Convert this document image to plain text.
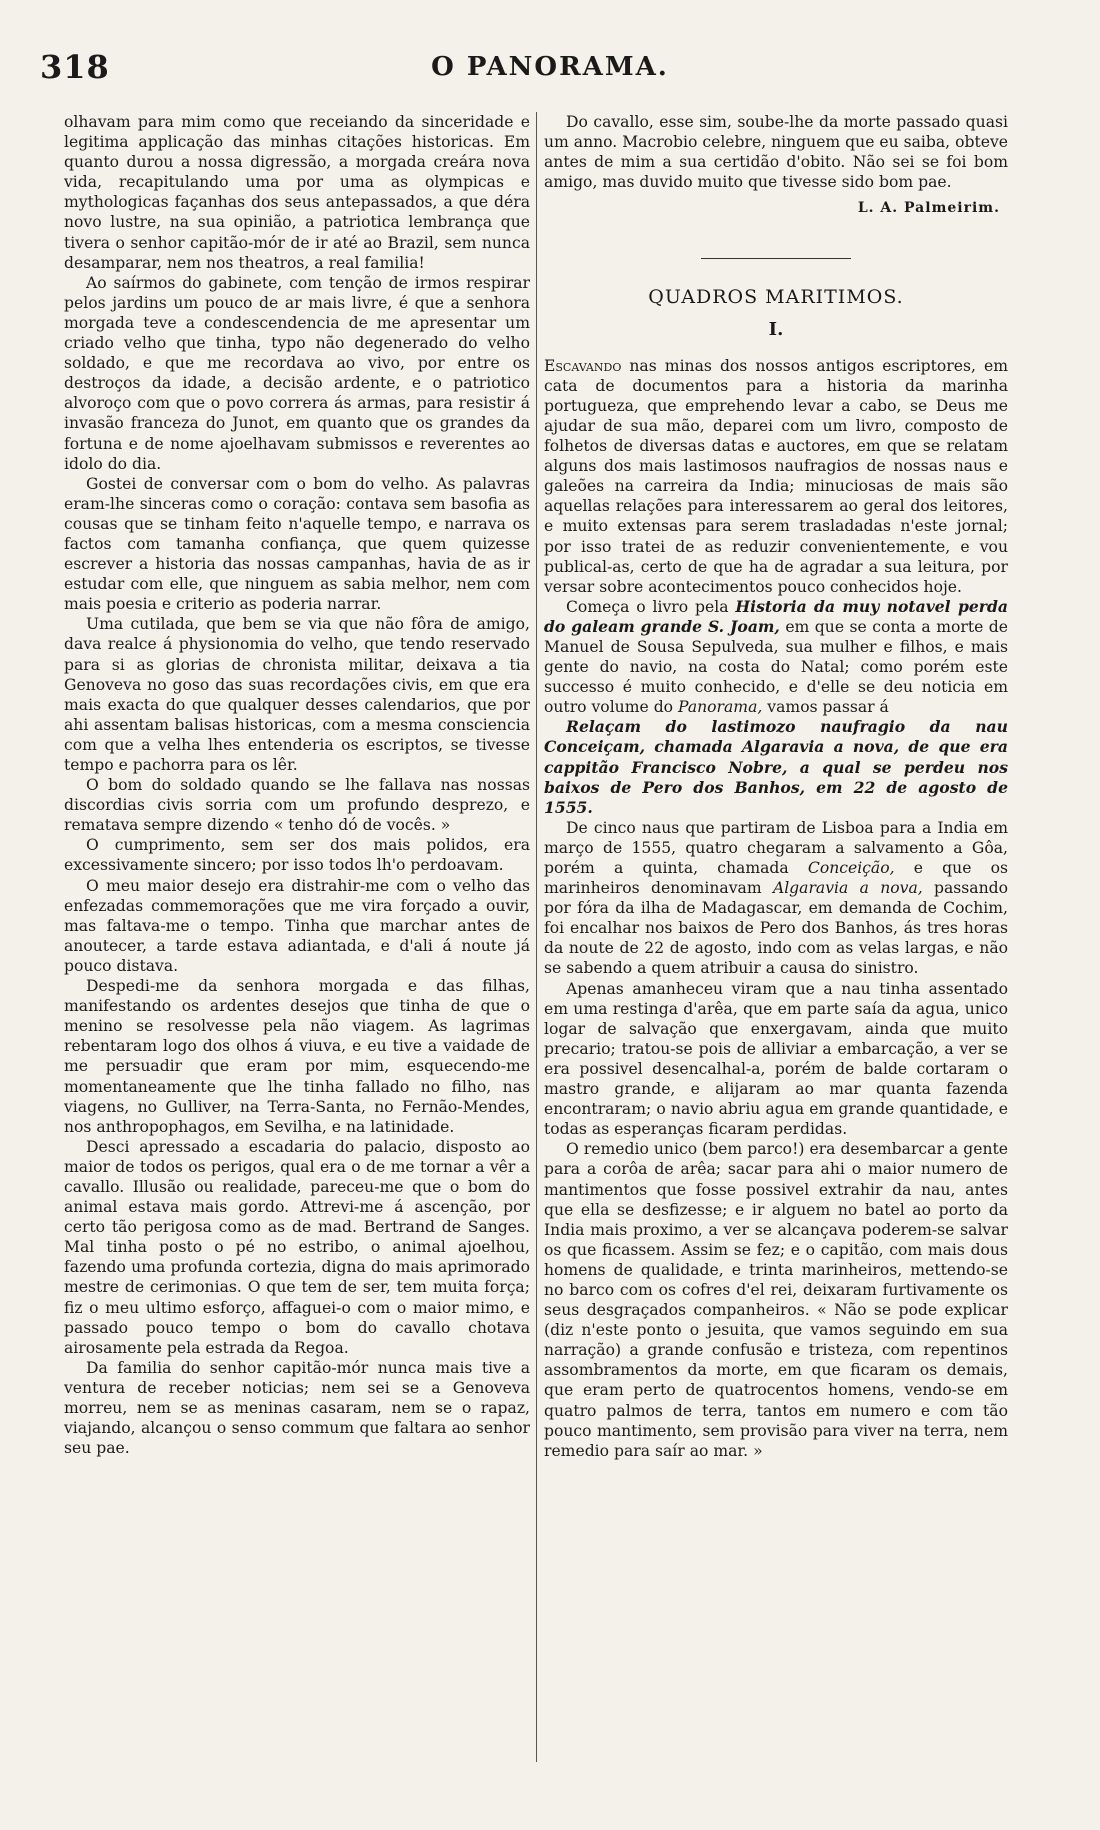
318	O PANORAMA.

olhavam para mim como que receiando da sinceridade e legitima applicação das minhas citações historicas. Em quanto durou a nossa digressão, a morgada creára nova vida, recapitulando uma por uma as olympicas e mythologicas façanhas dos seus antepassados, a que déra novo lustre, na sua opinião, a patriotica lembrança que tivera o senhor capitão-mór de ir até ao Brazil, sem nunca desamparar, nem nos theatros, a real familia!

Ao saírmos do gabinete, com tenção de irmos respirar pelos jardins um pouco de ar mais livre, é que a senhora morgada teve a condescendencia de me apresentar um criado velho que tinha, typo não degenerado do velho soldado, e que me recordava ao vivo, por entre os destroços da idade, a decisão ardente, e o patriotico alvoroço com que o povo correra ás armas, para resistir á invasão franceza do Junot, em quanto que os grandes da fortuna e de nome ajoelhavam submissos e reverentes ao idolo do dia.

Gostei de conversar com o bom do velho. As palavras eram-lhe sinceras como o coração: contava sem basofia as cousas que se tinham feito n'aquelle tempo, e narrava os factos com tamanha confiança, que quem quizesse escrever a historia das nossas campanhas, havia de as ir estudar com elle, que ninguem as sabia melhor, nem com mais poesia e criterio as poderia narrar.

Uma cutilada, que bem se via que não fôra de amigo, dava realce á physionomia do velho, que tendo reservado para si as glorias de chronista militar, deixava a tia Genoveva no goso das suas recordações civis, em que era mais exacta do que qualquer desses calendarios, que por ahi assentam balisas historicas, com a mesma consciencia com que a velha lhes entenderia os escriptos, se tivesse tempo e pachorra para os lêr.

O bom do soldado quando se lhe fallava nas nossas discordias civis sorria com um profundo desprezo, e rematava sempre dizendo « tenho dó de vocês. »

O cumprimento, sem ser dos mais polidos, era excessivamente sincero; por isso todos lh'o perdoavam.

O meu maior desejo era distrahir-me com o velho das enfezadas commemorações que me vira forçado a ouvir, mas faltava-me o tempo. Tinha que marchar antes de anoutecer, a tarde estava adiantada, e d'ali á noute já pouco distava.

Despedi-me da senhora morgada e das filhas, manifestando os ardentes desejos que tinha de que o menino se resolvesse pela não viagem. As lagrimas rebentaram logo dos olhos á viuva, e eu tive a vaidade de me persuadir que eram por mim, esquecendo-me momentaneamente que lhe tinha fallado no filho, nas viagens, no Gulliver, na Terra-Santa, no Fernão-Mendes, nos anthropophagos, em Sevilha, e na latinidade.

Desci apressado a escadaria do palacio, disposto ao maior de todos os perigos, qual era o de me tornar a vêr a cavallo. Illusão ou realidade, pareceu-me que o bom do animal estava mais gordo. Attrevi-me á ascenção, por certo tão perigosa como as de mad. Bertrand de Sanges. Mal tinha posto o pé no estribo, o animal ajoelhou, fazendo uma profunda cortezia, digna do mais aprimorado mestre de cerimonias. O que tem de ser, tem muita força; fiz o meu ultimo esforço, affaguei-o com o maior mimo, e passado pouco tempo o bom do cavallo chotava airosamente pela estrada da Regoa.

Da familia do senhor capitão-mór nunca mais tive a ventura de receber noticias; nem sei se a Genoveva morreu, nem se as meninas casaram, nem se o rapaz, viajando, alcançou o senso commum que faltara ao senhor seu pae.

Do cavallo, esse sim, soube-lhe da morte passado quasi um anno. Macrobio celebre, ninguem que eu saiba, obteve antes de mim a sua certidão d'obito. Não sei se foi bom amigo, mas duvido muito que tivesse sido bom pae.

L. A. Palmeirim.
QUADROS MARITIMOS.
I.

Escavando nas minas dos nossos antigos escriptores, em cata de documentos para a historia da marinha portugueza, que emprehendo levar a cabo, se Deus me ajudar de sua mão, deparei com um livro, composto de folhetos de diversas datas e auctores, em que se relatam alguns dos mais lastimosos naufragios de nossas naus e galeões na carreira da India; minuciosas de mais são aquellas relações para interessarem ao geral dos leitores, e muito extensas para serem trasladadas n'este jornal; por isso tratei de as reduzir convenientemente, e vou publical-as, certo de que ha de agradar a sua leitura, por versar sobre acontecimentos pouco conhecidos hoje.

Começa o livro pela Historia da muy notavel perda do galeam grande S. Joam, em que se conta a morte de Manuel de Sousa Sepulveda, sua mulher e filhos, e mais gente do navio, na costa do Natal; como porém este successo é muito conhecido, e d'elle se deu noticia em outro volume do Panorama, vamos passar á

Relaçam do lastimozo naufragio da nau Conceiçam, chamada Algaravia a nova, de que era cappitão Francisco Nobre, a qual se perdeu nos baixos de Pero dos Banhos, em 22 de agosto de 1555.

De cinco naus que partiram de Lisboa para a India em março de 1555, quatro chegaram a salvamento a Gôa, porém a quinta, chamada Conceição, e que os marinheiros denominavam Algaravia a nova, passando por fóra da ilha de Madagascar, em demanda de Cochim, foi encalhar nos baixos de Pero dos Banhos, ás tres horas da noute de 22 de agosto, indo com as velas largas, e não se sabendo a quem atribuir a causa do sinistro.

Apenas amanheceu viram que a nau tinha assentado em uma restinga d'arêa, que em parte saía da agua, unico logar de salvação que enxergavam, ainda que muito precario; tratou-se pois de alliviar a embarcação, a ver se era possivel desencalhal-a, porém de balde cortaram o mastro grande, e alijaram ao mar quanta fazenda encontraram; o navio abriu agua em grande quantidade, e todas as esperanças ficaram perdidas.

O remedio unico (bem parco!) era desembarcar a gente para a corôa de arêa; sacar para ahi o maior numero de mantimentos que fosse possivel extrahir da nau, antes que ella se desfizesse; e ir alguem no batel ao porto da India mais proximo, a ver se alcançava poderem-se salvar os que ficassem. Assim se fez; e o capitão, com mais dous homens de qualidade, e trinta marinheiros, mettendo-se no barco com os cofres d'el rei, deixaram furtivamente os seus desgraçados companheiros. « Não se pode explicar (diz n'este ponto o jesuita, que vamos seguindo em sua narração) a grande confusão e tristeza, com repentinos assombramentos da morte, em que ficaram os demais, que eram perto de quatrocentos homens, vendo-se em quatro palmos de terra, tantos em numero e com tão pouco mantimento, sem provisão para viver na terra, nem remedio para saír ao mar. »
